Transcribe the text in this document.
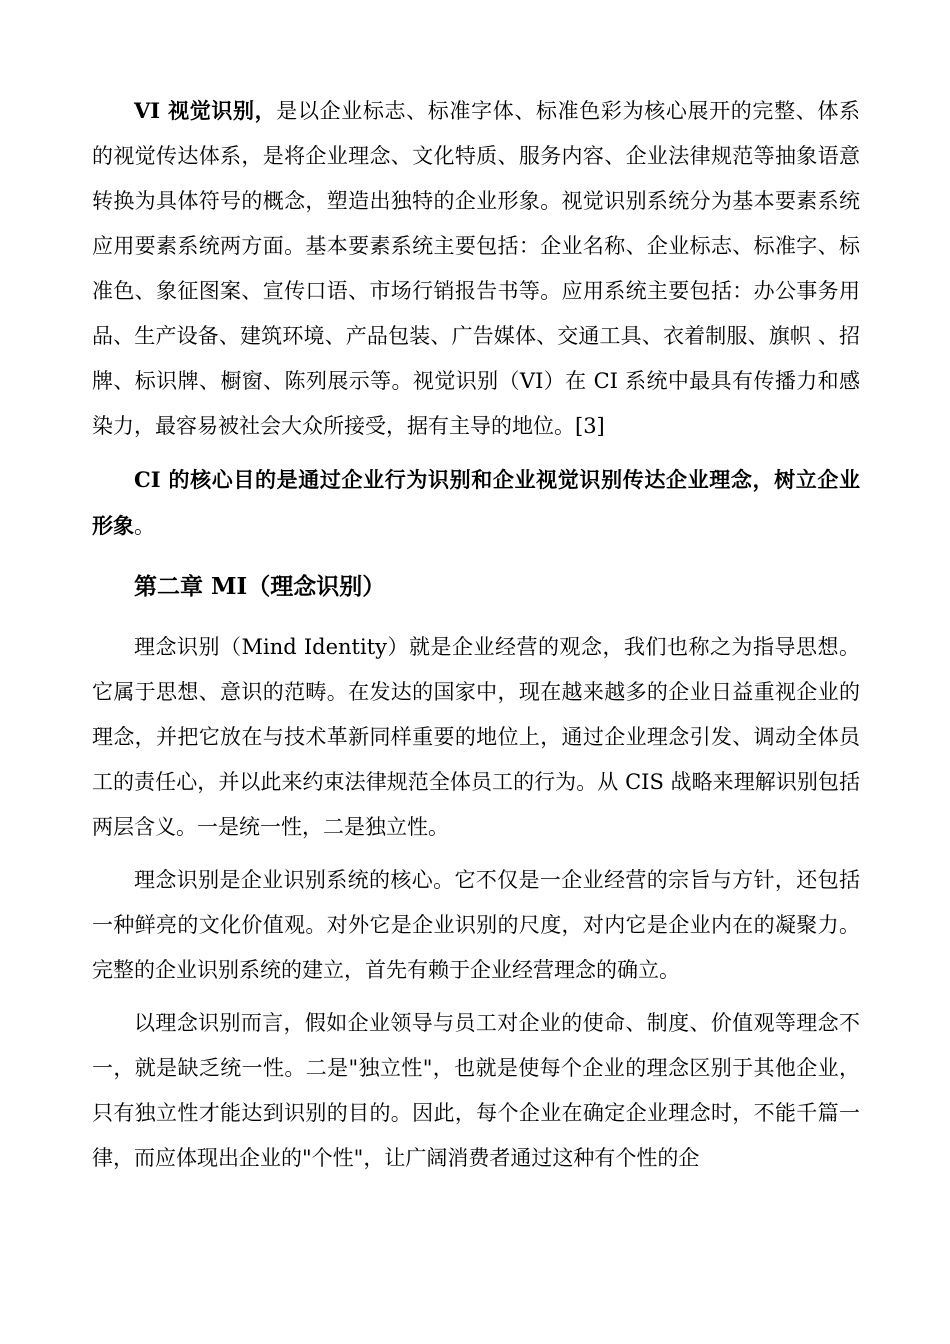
VI 视觉识别，是以企业标志、标准字体、标准色彩为核心展开的完整、体系的视觉传达体系，是将企业理念、文化特质、服务内容、企业法律规范等抽象语意转换为具体符号的概念，塑造出独特的企业形象。视觉识别系统分为基本要素系统应用要素系统两方面。基本要素系统主要包括：企业名称、企业标志、标准字、标准色、象征图案、宣传口语、市场行销报告书等。应用系统主要包括：办公事务用品、生产设备、建筑环境、产品包装、广告媒体、交通工具、衣着制服、旗帜 、招牌、标识牌、橱窗、陈列展示等。视觉识别（VI）在 CI 系统中最具有传播力和感染力，最容易被社会大众所接受，据有主导的地位。[3]

CI 的核心目的是通过企业行为识别和企业视觉识别传达企业理念，树立企业形象。

第二章 MI（理念识别）

理念识别（Mind Identity）就是企业经营的观念，我们也称之为指导思想。它属于思想、意识的范畴。在发达的国家中，现在越来越多的企业日益重视企业的理念，并把它放在与技术革新同样重要的地位上，通过企业理念引发、调动全体员工的责任心，并以此来约束法律规范全体员工的行为。从 CIS 战略来理解识别包括两层含义。一是统一性，二是独立性。

理念识别是企业识别系统的核心。它不仅是一企业经营的宗旨与方针，还包括一种鲜亮的文化价值观。对外它是企业识别的尺度，对内它是企业内在的凝聚力。完整的企业识别系统的建立，首先有赖于企业经营理念的确立。

以理念识别而言，假如企业领导与员工对企业的使命、制度、价值观等理念不一，就是缺乏统一性。二是"独立性"，也就是使每个企业的理念区别于其他企业，只有独立性才能达到识别的目的。因此，每个企业在确定企业理念时，不能千篇一律，而应体现出企业的"个性"，让广阔消费者通过这种有个性的企
